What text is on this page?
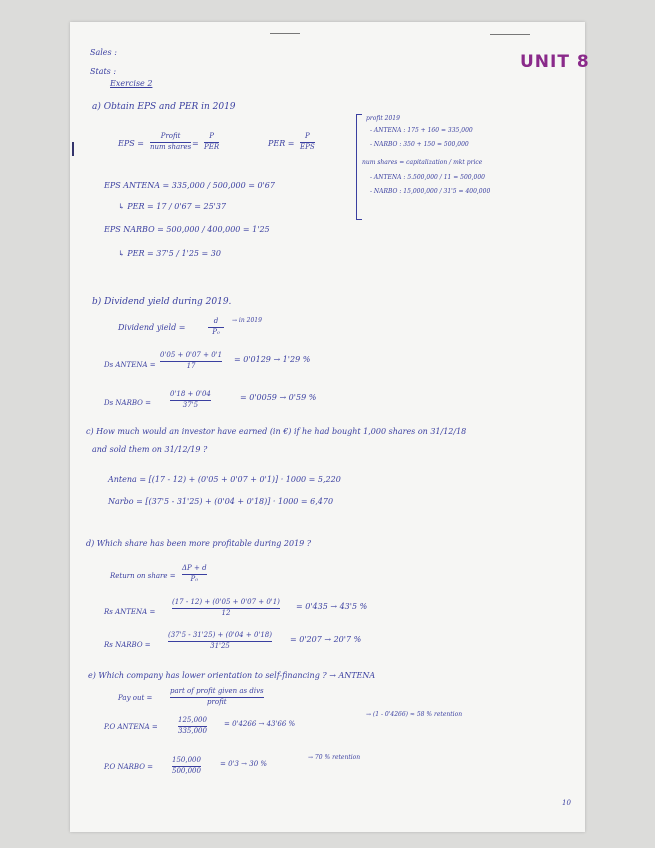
Sales :
Stats :
Exercise 2
UNIT 8
profit 2019
- ANTENA : 175 + 160 = 335,000
- NARBO : 350 + 150 = 500,000
num shares = capitalization / mkt price
- ANTENA : 5.500,000 / 11 = 500,000
- NARBO : 15,000,000 / 31'5 = 400,000
a) Obtain EPS and PER in 2019
EPS =
Profit
num shares =
P
PER	PER =
P
EPS
EPS ANTENA = 335,000 / 500,000 = 0'67
↳ PER = 17 / 0'67 = 25'37
EPS NARBO = 500,000 / 400,000 = 1'25
↳ PER = 37'5 / 1'25 = 30
b) Dividend yield during 2019.
Dividend yield =
d
P₀
→ in 2019
Ds ANTENA =
0'05 + 0'07 + 0'1
17
= 0'0129 → 1'29 %
Ds NARBO =
0'18 + 0'04
37'5
= 0'0059 → 0'59 %
c) How much would an investor have earned (in €) if he had bought 1,000 shares on 31/12/18
and sold them on 31/12/19 ?
Antena = [(17 - 12) + (0'05 + 0'07 + 0'1)] · 1000 = 5,220
Narbo = [(37'5 - 31'25) + (0'04 + 0'18)] · 1000 = 6,470
d) Which share has been more profitable during 2019 ?
Return on share =
ΔP + d
P₀
Rs ANTENA =
(17 - 12) + (0'05 + 0'07 + 0'1)
12
= 0'435 → 43'5 %
Rs NARBO =
(37'5 - 31'25) + (0'04 + 0'18)
31'25
= 0'207 → 20'7 %
e) Which company has lower orientation to self-financing ? → ANTENA
Pay out =
part of profit given as divs
profit
P.O ANTENA =
125,000
335,000
= 0'4266 → 43'66 %
→ (1 - 0'4266) ≈ 58 % retention
P.O NARBO =
150,000
500,000
= 0'3 → 30 %
→ 70 % retention
10
